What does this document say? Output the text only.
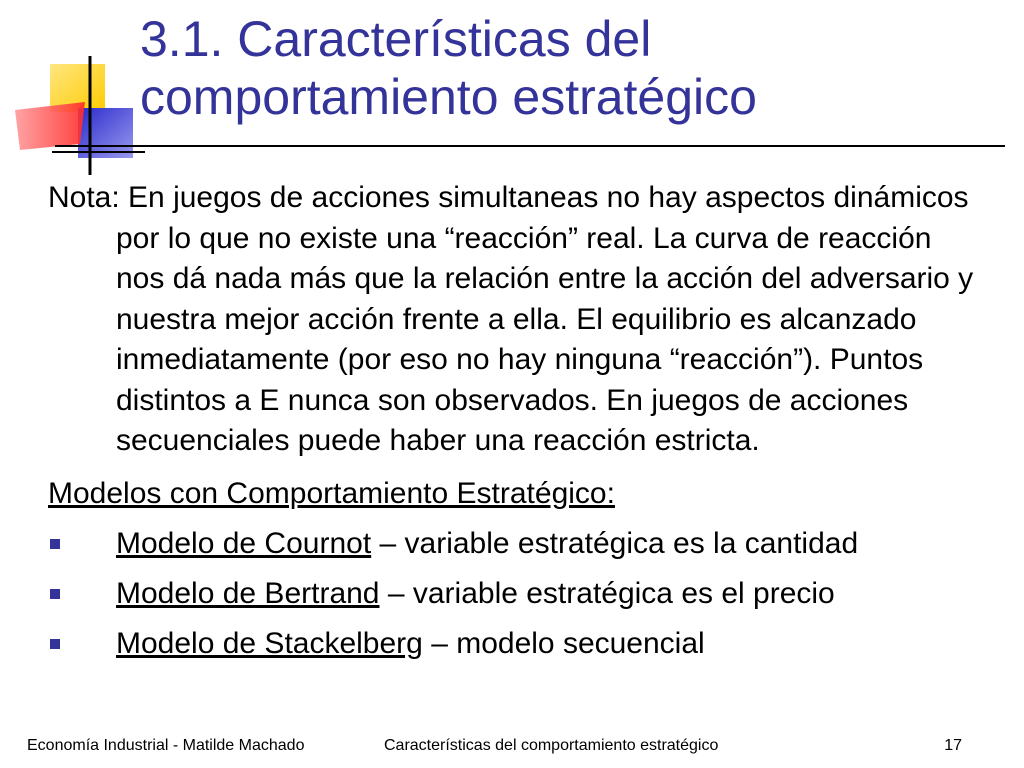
3.1. Características del comportamiento estratégico

Nota: En juegos de acciones simultaneas no hay aspectos dinámicos por lo que no existe una “reacción” real. La curva de reacción nos dá nada más que la relación entre la acción del adversario y nuestra mejor acción frente a ella. El equilibrio es alcanzado inmediatamente (por eso no hay ninguna “reacción”). Puntos distintos a E nunca son observados. En juegos de acciones secuenciales puede haber una reacción estricta.

Modelos con Comportamiento Estratégico:

Modelo de Cournot – variable estratégica es la cantidad
Modelo de Bertrand – variable estratégica es el precio
Modelo de Stackelberg – modelo secuencial
Economía Industrial - Matilde Machado	Características del comportamiento estratégico	17
